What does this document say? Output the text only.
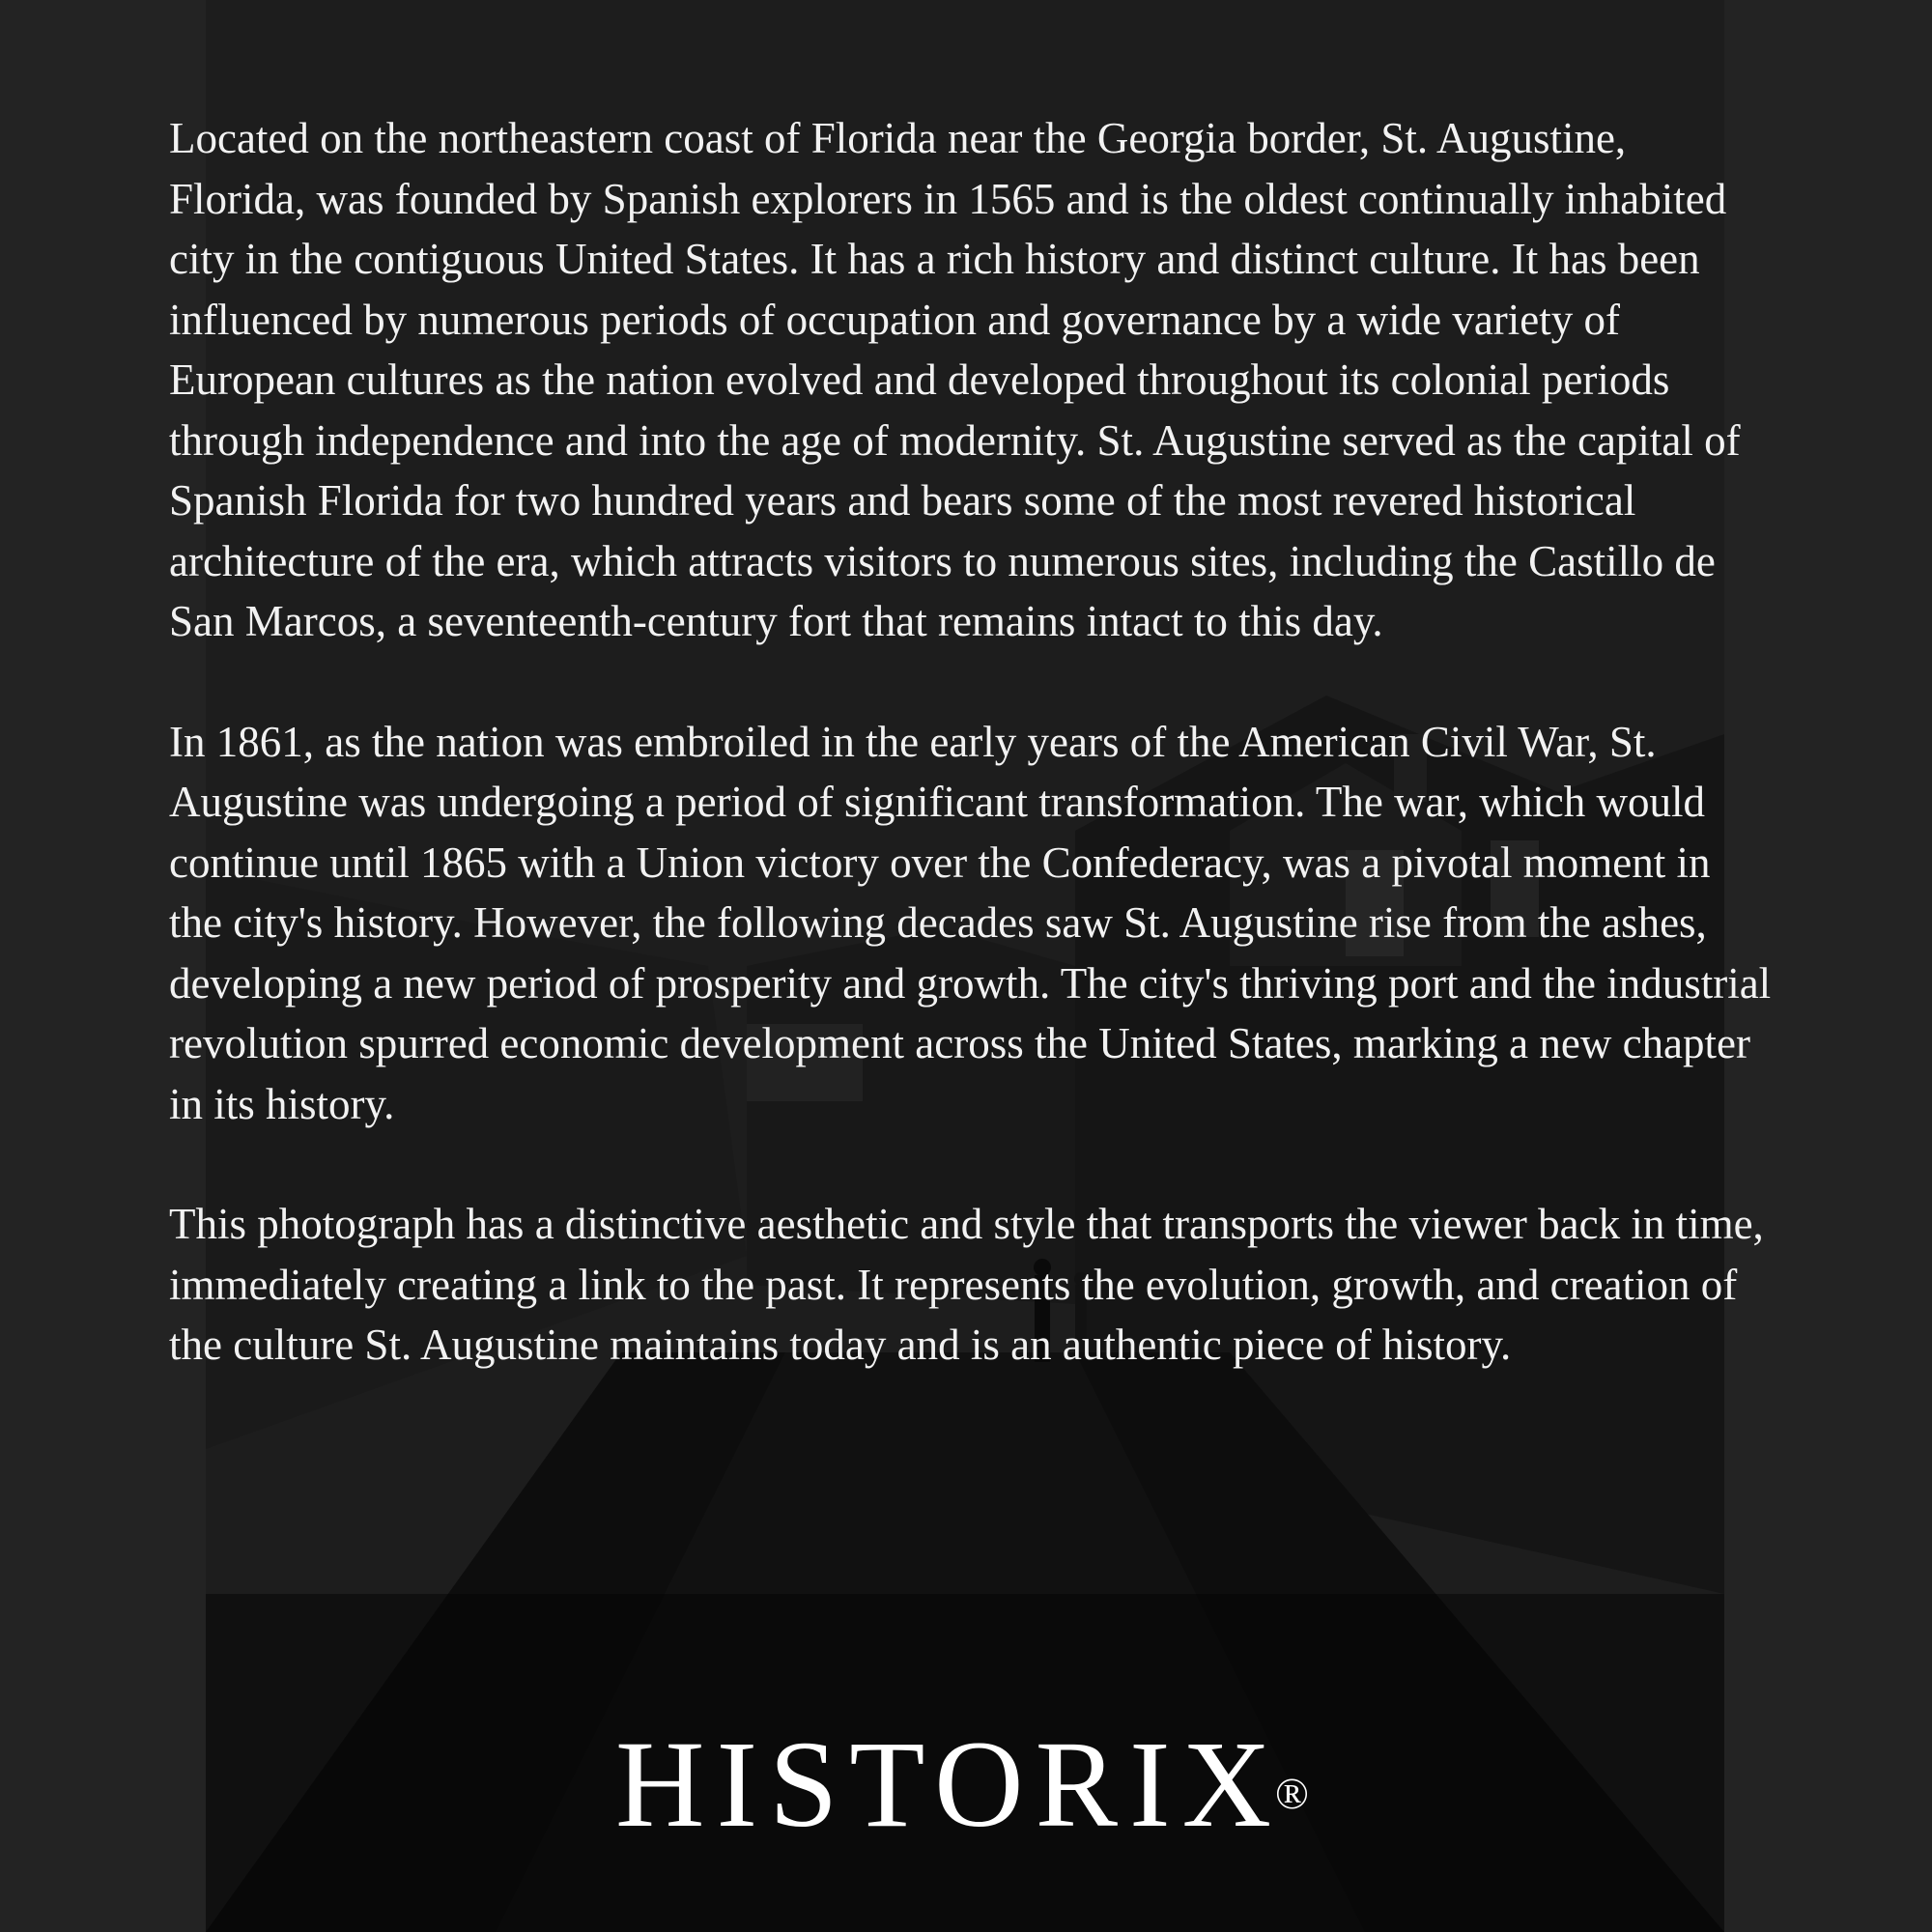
Located on the northeastern coast of Florida near the Georgia border, St. Augustine, Florida, was founded by Spanish explorers in 1565 and is the oldest continually inhabited city in the contiguous United States. It has a rich history and distinct culture. It has been influenced by numerous periods of occupation and governance by a wide variety of European cultures as the nation evolved and developed throughout its colonial periods through independence and into the age of modernity. St. Augustine served as the capital of Spanish Florida for two hundred years and bears some of the most revered historical architecture of the era, which attracts visitors to numerous sites, including the Castillo de San Marcos, a seventeenth-century fort that remains intact to this day.

In 1861, as the nation was embroiled in the early years of the American Civil War, St. Augustine was undergoing a period of significant transformation. The war, which would continue until 1865 with a Union victory over the Confederacy, was a pivotal moment in the city's history. However, the following decades saw St. Augustine rise from the ashes, developing a new period of prosperity and growth. The city's thriving port and the industrial revolution spurred economic development across the United States, marking a new chapter in its history.

This photograph has a distinctive aesthetic and style that transports the viewer back in time, immediately creating a link to the past. It represents the evolution, growth, and creation of the culture St. Augustine maintains today and is an authentic piece of history.

HISTORIX®
